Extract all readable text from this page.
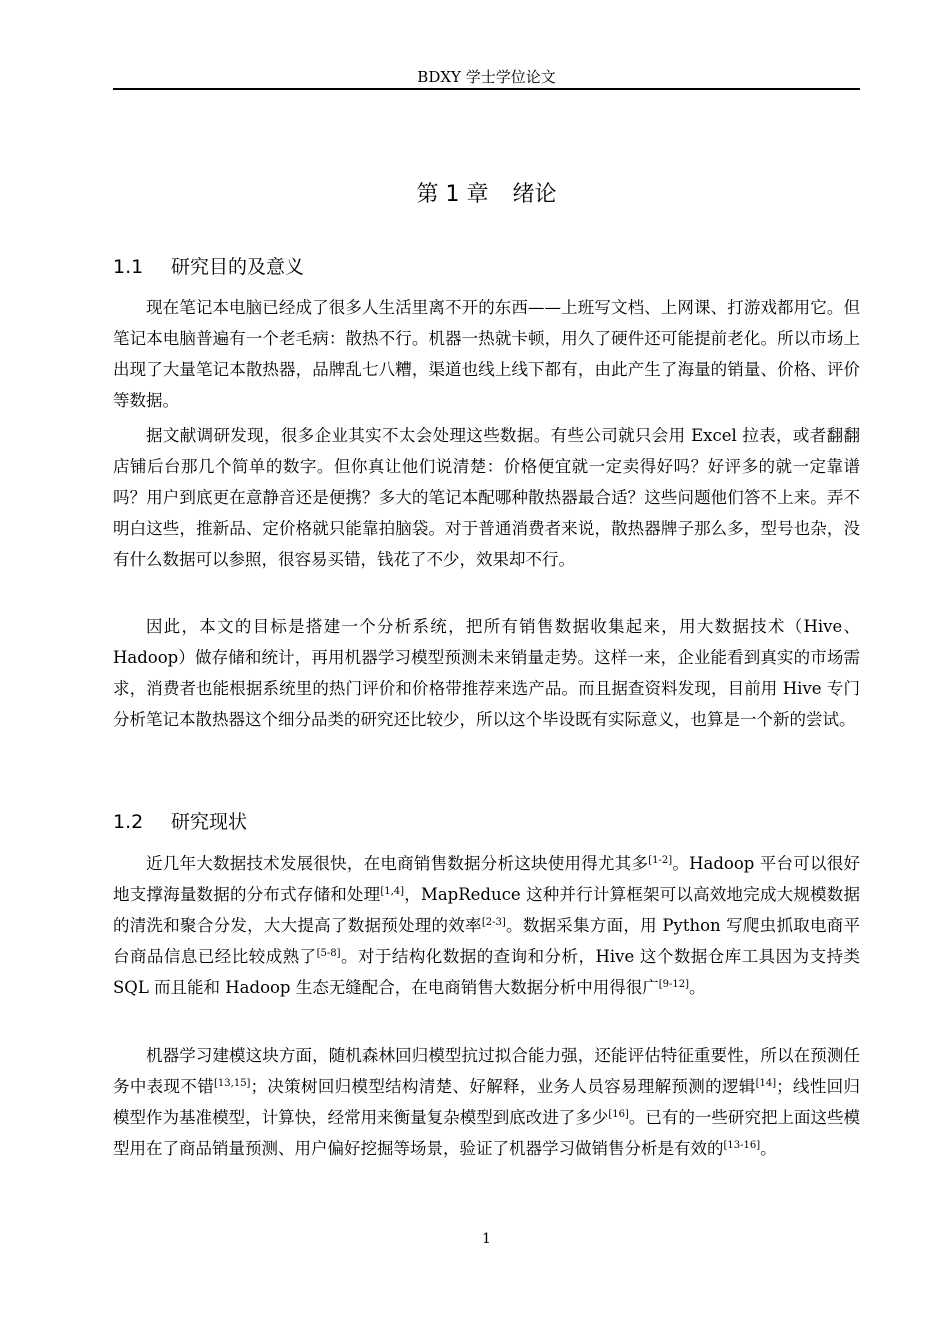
BDXY 学士学位论文
第 1 章 绪论
1.1 研究目的及意义

现在笔记本电脑已经成了很多人生活里离不开的东西——上班写文档、上网课、打游戏都用它。但笔记本电脑普遍有一个老毛病：散热不行。机器一热就卡顿，用久了硬件还可能提前老化。所以市场上出现了大量笔记本散热器，品牌乱七八糟，渠道也线上线下都有，由此产生了海量的销量、价格、评价等数据。

据文献调研发现，很多企业其实不太会处理这些数据。有些公司就只会用 Excel 拉表，或者翻翻店铺后台那几个简单的数字。但你真让他们说清楚：价格便宜就一定卖得好吗？好评多的就一定靠谱吗？用户到底更在意静音还是便携？多大的笔记本配哪种散热器最合适？这些问题他们答不上来。弄不明白这些，推新品、定价格就只能靠拍脑袋。对于普通消费者来说，散热器牌子那么多，型号也杂，没有什么数据可以参照，很容易买错，钱花了不少，效果却不行。

因此，本文的目标是搭建一个分析系统，把所有销售数据收集起来，用大数据技术（Hive、Hadoop）做存储和统计，再用机器学习模型预测未来销量走势。这样一来，企业能看到真实的市场需求，消费者也能根据系统里的热门评价和价格带推荐来选产品。而且据查资料发现，目前用 Hive 专门分析笔记本散热器这个细分品类的研究还比较少，所以这个毕设既有实际意义，也算是一个新的尝试。

1.2 研究现状

近几年大数据技术发展很快，在电商销售数据分析这块使用得尤其多[1-2]。Hadoop 平台可以很好地支撑海量数据的分布式存储和处理[1,4]，MapReduce 这种并行计算框架可以高效地完成大规模数据的清洗和聚合分发，大大提高了数据预处理的效率[2-3]。数据采集方面，用 Python 写爬虫抓取电商平台商品信息已经比较成熟了[5-8]。对于结构化数据的查询和分析，Hive 这个数据仓库工具因为支持类 SQL 而且能和 Hadoop 生态无缝配合，在电商销售大数据分析中用得很广[9-12]。

机器学习建模这块方面，随机森林回归模型抗过拟合能力强，还能评估特征重要性，所以在预测任务中表现不错[13,15]；决策树回归模型结构清楚、好解释，业务人员容易理解预测的逻辑[14]；线性回归模型作为基准模型，计算快，经常用来衡量复杂模型到底改进了多少[16]。已有的一些研究把上面这些模型用在了商品销量预测、用户偏好挖掘等场景，验证了机器学习做销售分析是有效的[13-16]。

1
